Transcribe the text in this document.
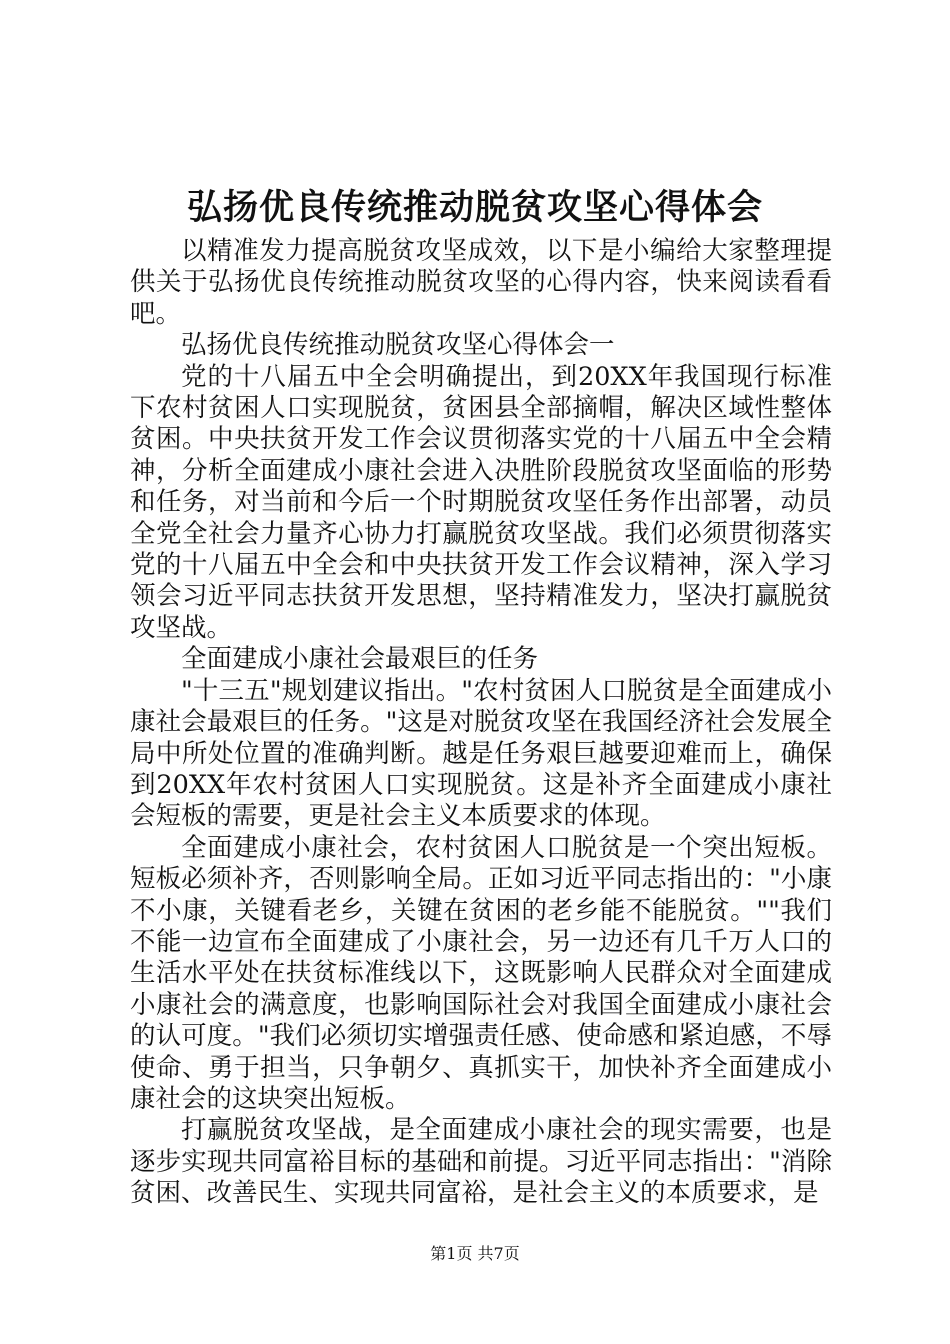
弘扬优良传统推动脱贫攻坚心得体会

以精准发力提高脱贫攻坚成效，以下是小编给大家整理提供关于弘扬优良传统推动脱贫攻坚的心得内容，快来阅读看看吧。

弘扬优良传统推动脱贫攻坚心得体会一

党的十八届五中全会明确提出，到20XX年我国现行标准下农村贫困人口实现脱贫，贫困县全部摘帽，解决区域性整体贫困。中央扶贫开发工作会议贯彻落实党的十八届五中全会精神，分析全面建成小康社会进入决胜阶段脱贫攻坚面临的形势和任务，对当前和今后一个时期脱贫攻坚任务作出部署，动员全党全社会力量齐心协力打赢脱贫攻坚战。我们必须贯彻落实党的十八届五中全会和中央扶贫开发工作会议精神，深入学习领会习近平同志扶贫开发思想，坚持精准发力，坚决打赢脱贫攻坚战。

全面建成小康社会最艰巨的任务

"十三五"规划建议指出。"农村贫困人口脱贫是全面建成小康社会最艰巨的任务。"这是对脱贫攻坚在我国经济社会发展全局中所处位置的准确判断。越是任务艰巨越要迎难而上，确保到20XX年农村贫困人口实现脱贫。这是补齐全面建成小康社会短板的需要，更是社会主义本质要求的体现。

全面建成小康社会，农村贫困人口脱贫是一个突出短板。短板必须补齐，否则影响全局。正如习近平同志指出的："小康不小康，关键看老乡，关键在贫困的老乡能不能脱贫。""我们不能一边宣布全面建成了小康社会，另一边还有几千万人口的生活水平处在扶贫标准线以下，这既影响人民群众对全面建成小康社会的满意度，也影响国际社会对我国全面建成小康社会的认可度。"我们必须切实增强责任感、使命感和紧迫感，不辱使命、勇于担当，只争朝夕、真抓实干，加快补齐全面建成小康社会的这块突出短板。

打赢脱贫攻坚战，是全面建成小康社会的现实需要，也是逐步实现共同富裕目标的基础和前提。习近平同志指出："消除贫困、改善民生、实现共同富裕，是社会主义的本质要求，是

第1页 共7页
